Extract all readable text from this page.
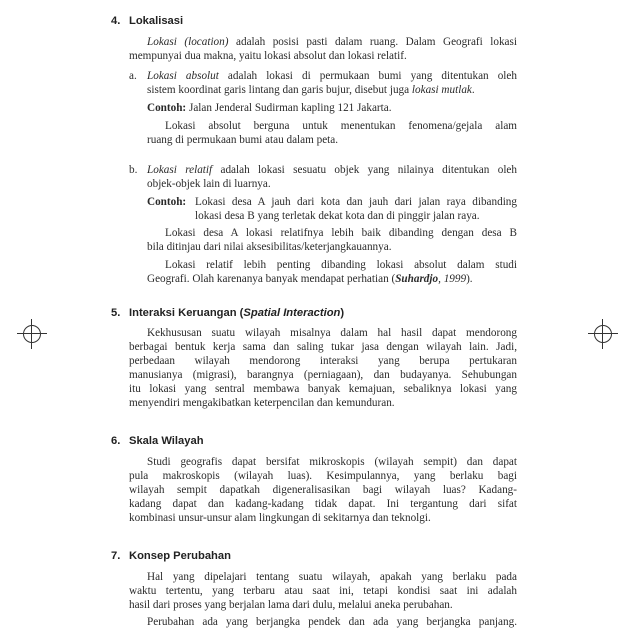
4. Lokalisasi
Lokasi (location) adalah posisi pasti dalam ruang. Dalam Geografi lokasi
mempunyai dua makna, yaitu lokasi absolut dan lokasi relatif.
a. Lokasi absolut adalah lokasi di permukaan bumi yang ditentukan oleh
sistem koordinat garis lintang dan garis bujur, disebut juga lokasi mutlak.
Contoh: Jalan Jenderal Sudirman kapling 121 Jakarta.
Lokasi absolut berguna untuk menentukan fenomena/gejala alam
ruang di permukaan bumi atau dalam peta.
b. Lokasi relatif adalah lokasi sesuatu objek yang nilainya ditentukan oleh
objek-objek lain di luarnya.
Contoh: Lokasi desa A jauh dari kota dan jauh dari jalan raya dibanding
lokasi desa B yang terletak dekat kota dan di pinggir jalan raya.
Lokasi desa A lokasi relatifnya lebih baik dibanding dengan desa B
bila ditinjau dari nilai aksesibilitas/keterjangkauannya.
Lokasi relatif lebih penting dibanding lokasi absolut dalam studi
Geografi. Olah karenanya banyak mendapat perhatian (Suhardjo, 1999).
5. Interaksi Keruangan (Spatial Interaction)
Kekhususan suatu wilayah misalnya dalam hal hasil dapat mendorong
berbagai bentuk kerja sama dan saling tukar jasa dengan wilayah lain. Jadi,
perbedaan wilayah mendorong interaksi yang berupa pertukaran
manusianya (migrasi), barangnya (perniagaan), dan budayanya. Sehubungan
itu lokasi yang sentral membawa banyak kemajuan, sebaliknya lokasi yang
menyendiri mengakibatkan keterpencilan dan kemunduran.
6. Skala Wilayah
Studi geografis dapat bersifat mikroskopis (wilayah sempit) dan dapat
pula makroskopis (wilayah luas). Kesimpulannya, yang berlaku bagi
wilayah sempit dapatkah digeneralisasikan bagi wilayah luas? Kadang-
kadang dapat dan kadang-kadang tidak dapat. Ini tergantung dari sifat
kombinasi unsur-unsur alam lingkungan di sekitarnya dan teknolgi.
7. Konsep Perubahan
Hal yang dipelajari tentang suatu wilayah, apakah yang berlaku pada
waktu tertentu, yang terbaru atau saat ini, tetapi kondisi saat ini adalah
hasil dari proses yang berjalan lama dari dulu, melalui aneka perubahan.
Perubahan ada yang berjangka pendek dan ada yang berjangka panjang.
